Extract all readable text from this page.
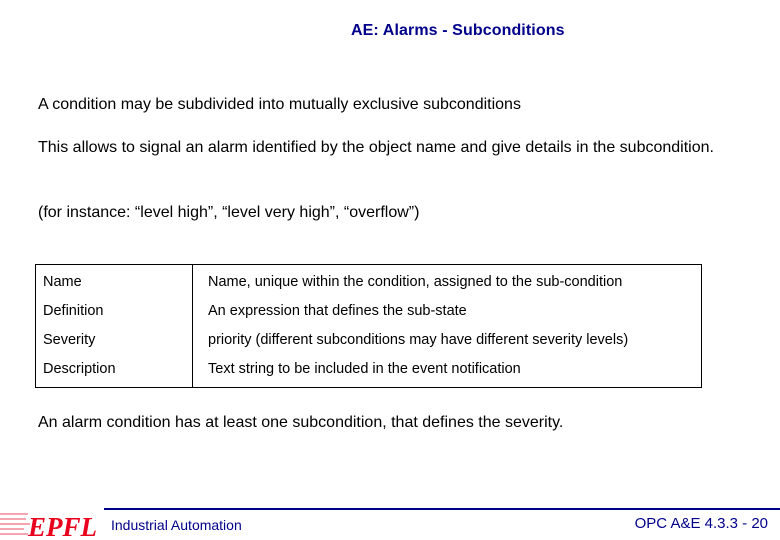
AE: Alarms - Subconditions
A condition may be subdivided into mutually exclusive subconditions
This allows to signal an alarm identified by the object name and give details in the subcondition.
(for instance: “level high”, “level very high”, “overflow”)
Name	Name, unique within the condition, assigned to the sub-condition
Definition	An expression that defines the sub-state
Severity	priority (different subconditions may have different severity levels)
Description	Text string to be included in the event notification
An alarm condition has at least one subcondition, that defines the severity.
EPFL Industrial Automation	OPC A&E 4.3.3 - 20
